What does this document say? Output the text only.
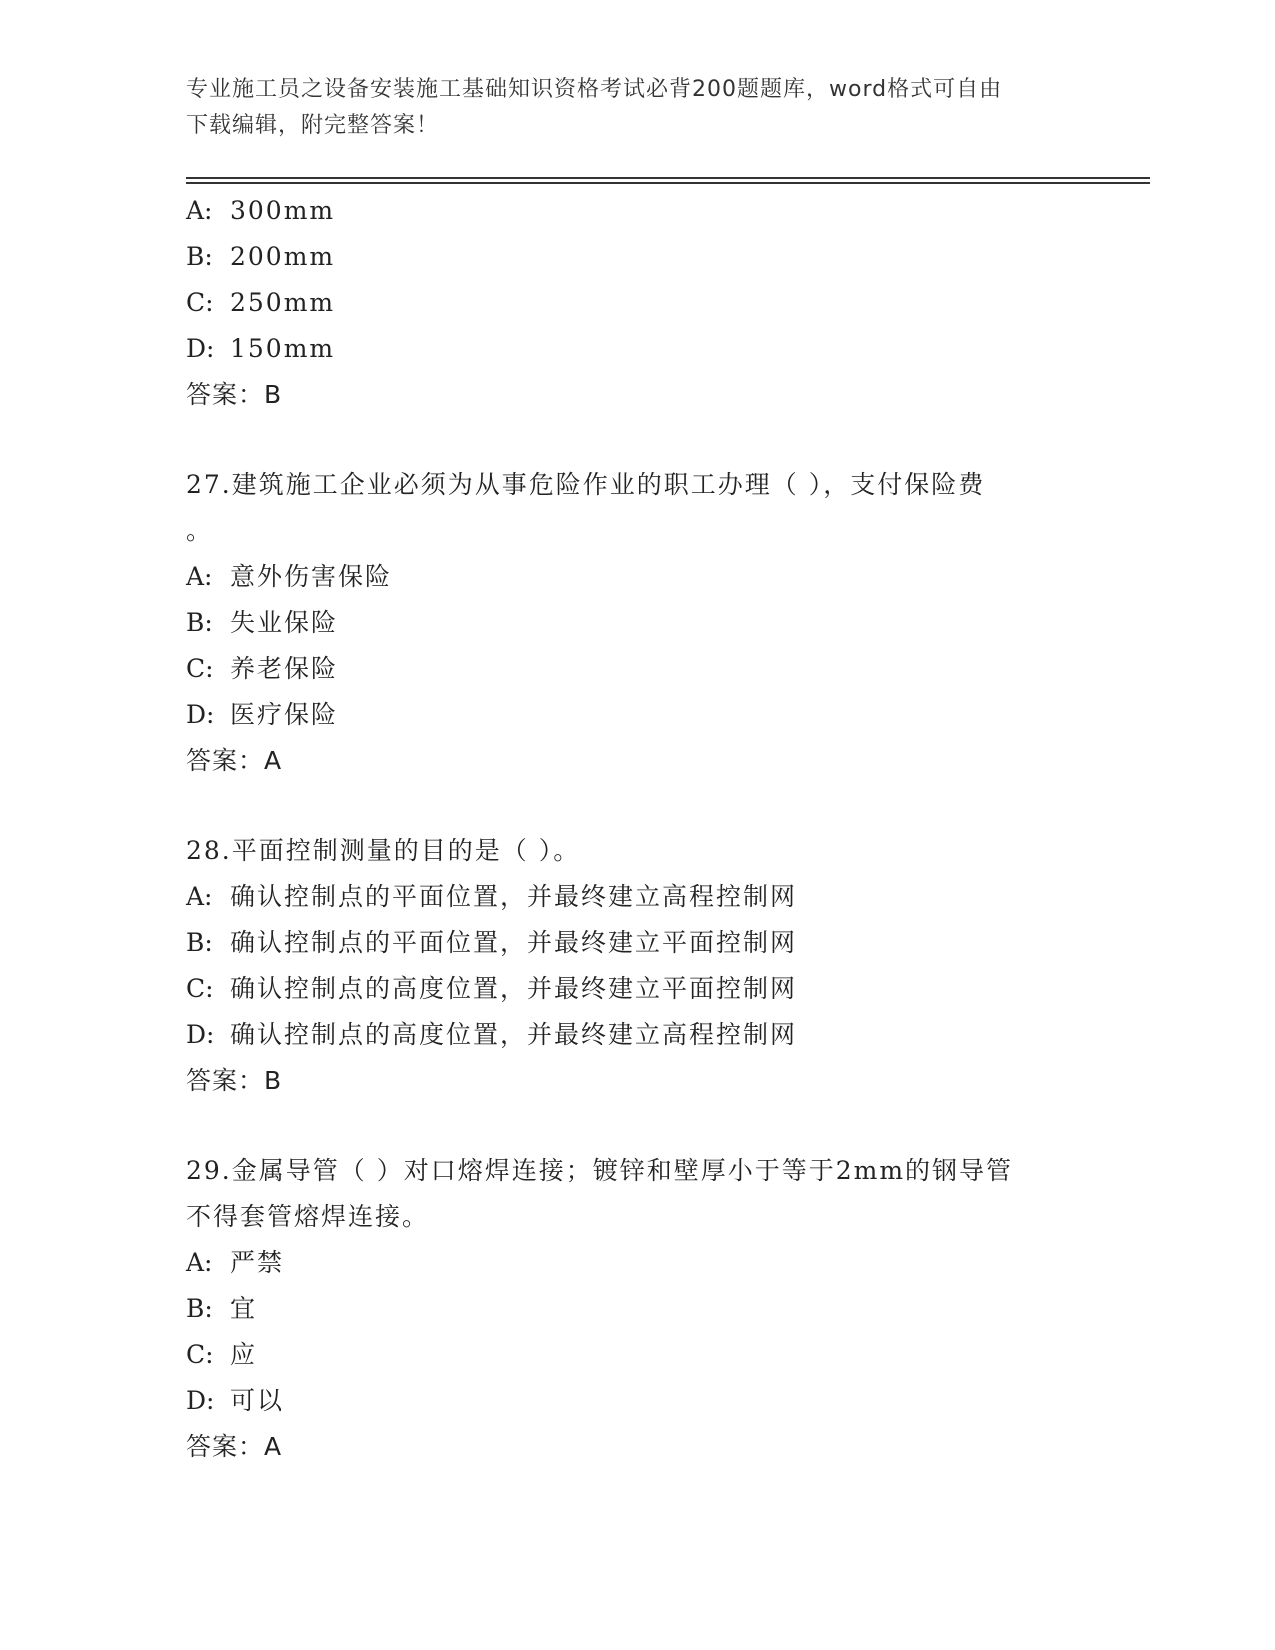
专业施工员之设备安装施工基础知识资格考试必背200题题库，word格式可自由
下载编辑，附完整答案！
A: 300mm
B: 200mm
C: 250mm
D: 150mm
答案：B
27.建筑施工企业必须为从事危险作业的职工办理（ ），支付保险费
。
A: 意外伤害保险
B: 失业保险
C: 养老保险
D: 医疗保险
答案：A
28.平面控制测量的目的是（ ）。
A: 确认控制点的平面位置，并最终建立高程控制网
B: 确认控制点的平面位置，并最终建立平面控制网
C: 确认控制点的高度位置，并最终建立平面控制网
D: 确认控制点的高度位置，并最终建立高程控制网
答案：B
29.金属导管（ ）对口熔焊连接；镀锌和壁厚小于等于2mm的钢导管
不得套管熔焊连接。
A: 严禁
B: 宜
C: 应
D: 可以
答案：A
